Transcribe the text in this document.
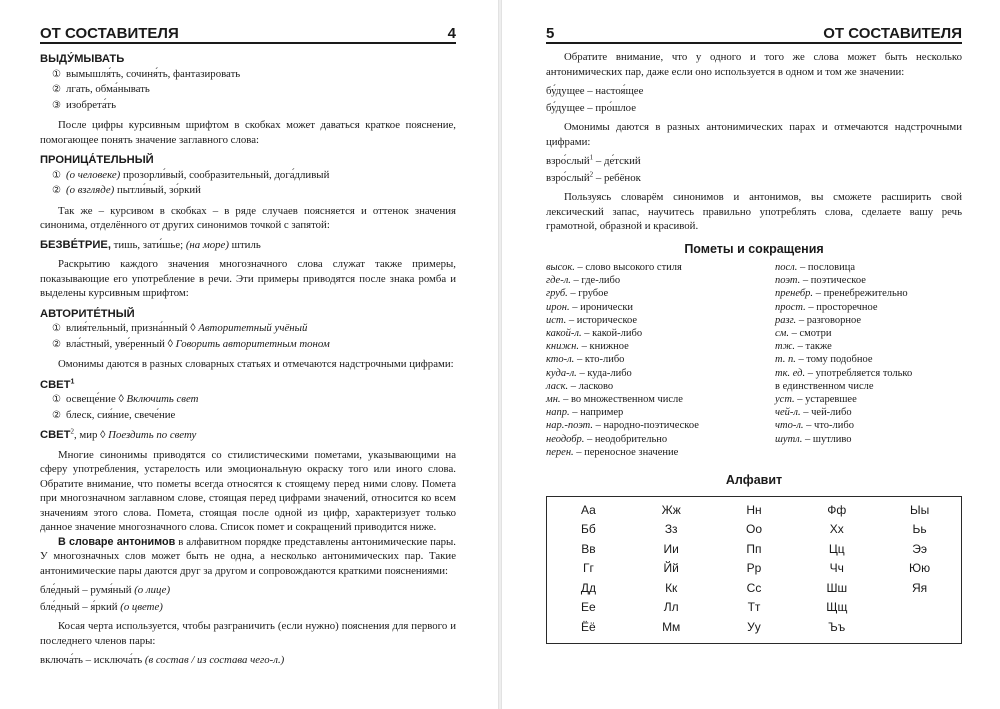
ОТ СОСТАВИТЕЛЯ	4
ВЫДУ́МЫВАТЬ
① вымышля́ть, сочиня́ть, фантазировать
② лгать, обма́нывать
③ изобрета́ть

После цифры курсивным шрифтом в скобках может даваться краткое пояснение, помогающее понять значение заглавного слова:

ПРОНИЦА́ТЕЛЬНЫЙ
① (о человеке) прозорли́вый, сообразительный, дога́дливый
② (о взгляде) пытли́вый, зо́ркий

Так же – курсивом в скобках – в ряде случаев поясняется и оттенок значения синонима, отделённого от других синонимов точкой с запятой:

БЕЗВЕ́ТРИЕ, тишь, зати́шье; (на море) штиль

Раскрытию каждого значения многозначного слова служат также примеры, показывающие его употребление в речи. Эти примеры приводятся после знака ромба и выделены курсивным шрифтом:

АВТОРИТЕ́ТНЫЙ
① влия́тельный, призна́нный ◊ Авторитетный учёный
② вла́стный, уве́ренный ◊ Говорить авторитетным тоном

Омонимы даются в разных словарных статьях и отмечаются надстрочными цифрами:

СВЕТ$^1$
① освеще́ние ◊ Включить свет
② блеск, сия́ние, свече́ние
СВЕТ$^2$, мир ◊ Поездить по свету

Многие синонимы приводятся со стилистическими пометами, указывающими на сферу употребления, устарелость или эмоциональную окраску того или иного слова. Обратите внимание, что пометы всегда относятся к стоящему перед ними слову. Помета при многозначном заглавном слове, стоящая перед цифрами значений, относится ко всем значениям этого слова. Помета, стоящая после одной из цифр, характеризует только данное значение многозначного слова. Список помет и сокращений приводится ниже.

В словаре антонимов в алфавитном порядке представлены антонимические пары. У многозначных слов может быть не одна, а несколько антонимических пар. Такие антонимические пары даются друг за другом и сопровождаются краткими пояснениями:

бле́дный – румя́ный (о лице)
бле́дный – я́ркий (о цвете)

Косая черта используется, чтобы разграничить (если нужно) пояснения для первого и последнего членов пары:

включа́ть – исключа́ть (в состав / из состава чего-л.)
5	ОТ СОСТАВИТЕЛЯ

Обратите внимание, что у одного и того же слова может быть несколько антонимических пар, даже если оно используется в одном и том же значении:

бу́дущее – настоя́щее
бу́дущее – про́шлое

Омонимы даются в разных антонимических парах и отмечаются надстрочными цифрами:

взро́слый$^1$ – де́тский
взро́слый$^2$ – ребёнок

Пользуясь словарём синонимов и антонимов, вы сможете расширить свой лексический запас, научитесь правильно употреблять слова, сделаете вашу речь грамотной, образной и красивой.

Пометы и сокращения
высок. – слово высокого стиля
где-л. – где-либо
груб. – грубое
ирон. – иронически
ист. – историческое
какой-л. – какой-либо
книжн. – книжное
кто-л. – кто-либо
куда-л. – куда-либо
ласк. – ласково
мн. – во множественном числе
напр. – например
нар.-поэт. – народно-поэтическое
неодобр. – неодобрительно
перен. – переносное значение
посл. – пословица
поэт. – поэтическое
пренебр. – пренебрежительно
прост. – просторечное
разг. – разговорное
см. – смотри
тж. – также
т. п. – тому подобное
тк. ед. – употребляется только
в единственном числе
уст. – устаревшее
чей-л. – чей-либо
что-л. – что-либо
шутл. – шутливо
Алфавит
Аа
Бб
Вв
Гг
Дд
Ее
Ёё
Жж
Зз
Ии
Йй
Кк
Лл
Мм
Нн
Оо
Пп
Рр
Сс
Тт
Уу
Фф
Хх
Цц
Чч
Шш
Щщ
Ъъ
Ыы
Ьь
Ээ
Юю
Яя
